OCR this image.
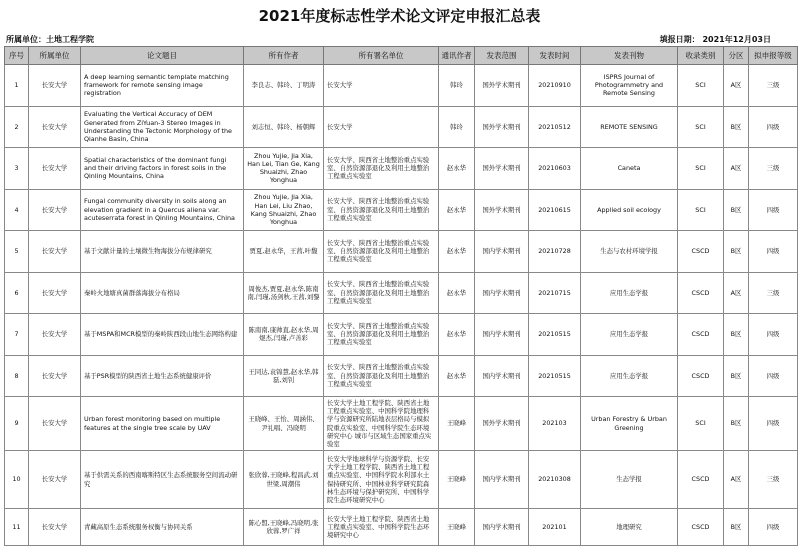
2021年度标志性学术论文评定申报汇总表
所属单位：土地工程学院	填报日期： 2021年12月03日
序号	所属单位	论文题目	所有作者	所有署名单位	通讯作者	发表范围	发表时间	发表刊物	收录类别	分区	拟申报等级
1	长安大学	A deep learning semantic template matching framework for remote sensing image registration	李良志、韩玲、丁明涛	长安大学	韩玲	国外学术期刊	20210910	ISPRS Journal of Photogrammetry and Remote Sensing	SCI	A区	三级
2	长安大学	Evaluating the Vertical Accuracy of DEM Generated from ZiYuan-3 Stereo Images in Understanding the Tectonic Morphology of the Qianhe Basin, China	刘志恒、韩玲、杨朝辉	长安大学	韩玲	国外学术期刊	20210512	REMOTE SENSING	SCI	B区	四级
3	长安大学	Spatial characteristics of the dominant fungi and their driving factors in forest soils in the Qinling Mountains, China	Zhou Yujie, Jia Xia, Han Lei, Tian Ge, Kang Shuaizhi, Zhao Yonghua	长安大学、陕西省土地整治重点实验室、自然资源部退化及利用土地整治工程重点实验室	赵永华	国外学术期刊	20210603	Caneta	SCI	A区	三级
4	长安大学	Fungal community diversity in soils along an elevation gradient in a Quercus aliena var. acuteserrata forest in Qinling Mountains, China	Zhou Yujie, Jia Xia, Han Lei, Liu Zhao, Kang Shuaizhi, Zhao Yonghua	长安大学、陕西省土地整治重点实验室、自然资源部退化及利用土地整治工程重点实验室	赵永华	国外学术期刊	20210615	Applied soil ecology	SCI	B区	四级
5	长安大学	基于文献计量的土壤微生物海拔分布规律研究	贾夏,赵永华，王茜,叶馥	长安大学、陕西省土地整治重点实验室、自然资源部退化及利用土地整治工程重点实验室	赵永华	国内学术期刊	20210728	生态与农村环境学报	CSCD	B区	四级
6	长安大学	秦岭火地塘真菌群落海拔分布格局	周俊杰,贾夏,赵永华,陈南南,闫瑾,汤剑秋,王茜,刘黎	长安大学、陕西省土地整治重点实验室、自然资源部退化及利用土地整治工程重点实验室	赵永华	国内学术期刊	20210715	应用生态学报	CSCD	A区	三级
7	长安大学	基于MSPA和MCR模型的秦岭陕西段山地生态网络构建	陈南南,康帅直,赵永华,周煜杰,闫瑾,卢善彩	长安大学、陕西省土地整治重点实验室、自然资源部退化及利用土地整治工程重点实验室	赵永华	国内学术期刊	20210515	应用生态学报	CSCD	B区	四级
8	长安大学	基于PSR模型的陕西省土地生态系统健康评价	王同达,袁锦慧,赵永华,韩磊,刘钊	长安大学、陕西省土地整治重点实验室、自然资源部退化及利用土地整治工程重点实验室	赵永华	国内学术期刊	20210515	应用生态学报	CSCD	B区	四级
9	长安大学	Urban forest monitoring based on multiple features at the single tree scale by UAV	王晓峰、王怡、周涵伟、尹礼唱、冯晓明	长安大学土地工程学院、陕西省土地工程重点实验室、中国科学院地理科学与资源研究所陆地表层格局与模拟院重点实验室、中国科学院生态环境研究中心 城市与区域生态国家重点实验室	王晓峰	国外学术期刊	202103	Urban Forestry & Urban Greening	SCI	B区	四级
10	长安大学	基于供需关系的西南喀斯特区生态系统服务空间流动研究	张欣蓉,王晓峰,程昌武,刘世梁,周潮伟	长安大学地球科学与资源学院、长安大学土地工程学院、陕西省土地工程重点实验室、中国科学院水利部水土保持研究所、中国林业科学研究院森林生态环境与保护研究所、中国科学院生态环境研究中心	王晓峰	国内学术期刊	20210308	生态学报	CSCD	A区	三级
11	长安大学	青藏高原生态系统服务权衡与协同关系	陈心盟,王晓峰,冯晓明,张欣蓉,罗广祥	长安大学土地工程学院、陕西省土地工程重点实验室、中国科学院生态环境研究中心	王晓峰	国内学术期刊	202101	地理研究	CSCD	B区	四级
